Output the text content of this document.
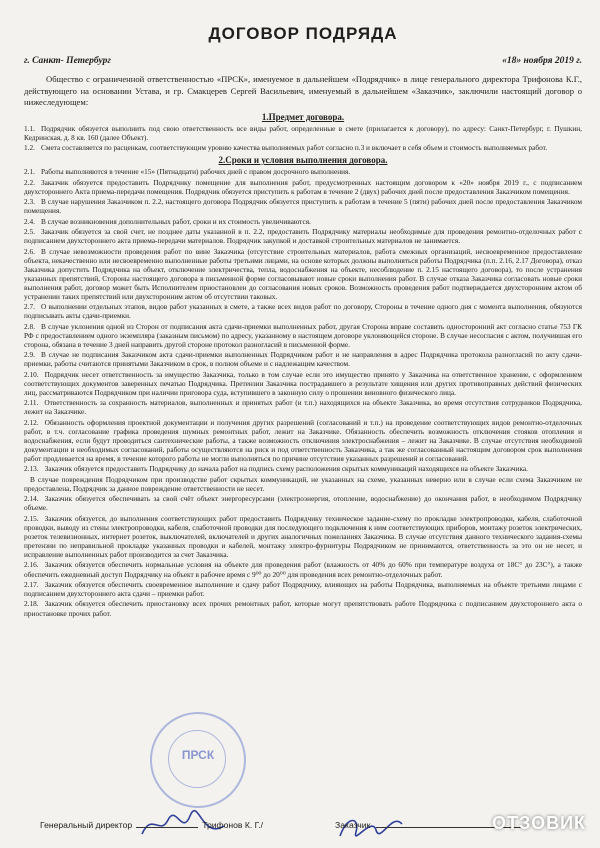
ДОГОВОР ПОДРЯДА
г. Санкт- Петербург	«18» ноября 2019 г.

Общество с ограниченной ответственностью «ПРСК», именуемое в дальнейшем «Подрядчик» в лице генерального директора Трифонова К.Г., действующего на основании Устава, и гр. Смакцерев Сергей Васильевич, именуемый в дальнейшем «Заказчик», заключили настоящий договор о нижеследующем:

1.Предмет договора.

1.1. Подрядчик обязуется выполнить под свою ответственность все виды работ, определенные в смете (прилагается к договору), по адресу: Санкт-Петербург, г. Пушкин, Кедринская, д. 8 кв. 160 (далее Объект).

1.2. Смета составляется по расценкам, соответствующим уровню качества выполняемых работ согласно п.3 и включает в себя объем и стоимость выполняемых работ.

2.Сроки и условия выполнения договора.

2.1. Работы выполняются в течение «15» (Пятнадцати) рабочих дней с правом досрочного выполнения.

2.2. Заказчик обязуется предоставить Подрядчику помещение для выполнения работ, предусмотренных настоящим договором к «20» ноября 2019 г., с подписанием двухстороннего Акта приема-передачи помещения. Подрядчик обязуется приступить к работам в течение 2 (двух) рабочих дней после предоставления Заказчиком помещения.

2.3. В случае нарушения Заказчиком п. 2.2, настоящего договора Подрядчик обязуется приступить к работам в течение 5 (пяти) рабочих дней после предоставления Заказчиком помещения.

2.4. В случае возникновения дополнительных работ, сроки и их стоимость увеличиваются.

2.5. Заказчик обязуется за свой счет, не позднее даты указанной в п. 2.2, предоставить Подрядчику материалы необходимые для проведения ремонтно-отделочных работ с подписанием двухстороннего акта приема-передачи материалов. Подрядчик закупкой и доставкой строительных материалов не занимается.

2.6. В случае невозможности проведения работ по вине Заказчика (отсутствие строительных материалов, работа смежных организаций, несвоевременное предоставление объекта, некачественно или несвоевременно выполненные работы третьими лицами, на основе которых должны выполняться работы Подрядчика (п.п. 2.16, 2.17 Договора), отказ Заказчика допустить Подрядчика на объект, отключение электричества, тепла, водоснабжения на объекте, несоблюдение п. 2.15 настоящего договора), то после устранения указанных препятствий, Стороны настоящего договора в письменной форме согласовывают новые сроки выполнения работ. В случае отказа Заказчика согласовать новые сроки выполнения работ, договор может быть Исполнителем приостановлен до согласования новых сроков. Возможность проведения работ подтверждается двухсторонним актом об устранении таких препятствий или двухсторонним актом об отсутствии таковых.

2.7. О выполнении отдельных этапов, видов работ указанных в смете, а также всех видов работ по договору, Стороны в течение одного дня с момента выполнения, обязуются подписывать акты сдачи-приемки.

2.8. В случае уклонения одной из Сторон от подписания акта сдачи-приемки выполненных работ, другая Сторона вправе составить односторонний акт согласно статье 753 ГК РФ с предоставлением одного экземпляра (заказным письмом) по адресу, указанному в настоящем договоре уклоняющейся стороне. В случае несогласия с актом, получившая его сторона, обязана в течение 3 дней направить другой стороне протокол разногласий в письменной форме.

2.9. В случае не подписания Заказчиком акта сдачи-приемки выполненных Подрядчиком работ и не направления в адрес Подрядчика протокола разногласий по акту сдачи-приемки, работы считаются принятыми Заказчиком в срок, в полном объеме и с надлежащим качеством.

2.10. Подрядчик несет ответственность за имущество Заказчика, только в том случае если это имущество принято у Заказчика на ответственное хранение, с оформлением соответствующих документов заверенных печатью Подрядчика. Претензии Заказчика пострадавшего в результате хищения или других противоправных действий физических лиц, рассматриваются Подрядчиком при наличии приговора суда, вступившего в законную силу о прошении виновного физического лица.

2.11. Ответственность за сохранность материалов, выполненных и принятых работ (и т.п.) находящихся на объекте Заказчика, во время отсутствия сотрудников Подрядчика, лежит на Заказчике.

2.12. Обязанность оформления проектной документации и получения других разрешений (согласований и т.п.) на проведение соответствующих видов ремонтно-отделочных работ, в т.ч. согласование графика проведения шумных ремонтных работ, лежит на Заказчике. Обязанность обеспечить возможность отключения стояков отопления и водоснабжения, если будут проводиться сантехнические работы, а также возможность отключения электроснабжения – лежит на Заказчике. В случае отсутствия необходимой документации и необходимых согласований, работы осуществляются на риск и под ответственность Заказчика, а так же согласованный настоящим договором срок выполнения работ продлевается на время, в течение которого работы не могли выполняться по причине отсутствия указанных разрешений и согласований.

2.13. Заказчик обязуется предоставить Подрядчику до начала работ на подпись схему расположения скрытых коммуникаций находящихся на объекте Заказчика.

В случае повреждения Подрядчиком при производстве работ скрытых коммуникаций, не указанных на схеме, указанных неверно или в случае если схема Заказчиком не предоставлена, Подрядчик за данное повреждение ответственности не несет.

2.14. Заказчик обязуется обеспечивать за свой счёт объект энергоресурсами (электроэнергия, отопление, водоснабжение) до окончания работ, в необходимом Подрядчику объеме.

2.15. Заказчик обязуется, до выполнения соответствующих работ предоставить Подрядчику техническое задание-схему по прокладке электропроводки, кабеля, слаботочной проводки, выводу из стены электропроводки, кабеля, слаботочной проводки для последующего подключения к ним соответствующих приборов, монтажу розеток электрических, розеток телевизионных, интернет розеток, выключателей, включателей и других аналогичных пожеланиях Заказчика. В случае отсутствия данного технического задания-схемы претензии по неправильной прокладке указанных проводки и кабелей, монтажу электро-фурнитуры Подрядчиком не принимаются, ответственность за это он не несет, и исправление выполненных работ производится за счет Заказчика.

2.16. Заказчик обязуется обеспечить нормальные условия на объекте для проведения работ (влажность от 40% до 60% при температуре воздуха от 18С° до 23С°), а также обеспечить ежедневный доступ Подрядчику на объект в рабочее время с 9⁰⁰ до 20⁰⁰ для проведения всех ремонтно-отделочных работ.

2.17. Заказчик обязуется обеспечить своевременное выполнение и сдачу работ Подрядчику, влияющих на работы Подрядчика, выполняемых на объекте третьими лицами с подписанием двухстороннего акта сдачи – приемки работ.

2.18. Заказчик обязуется обеспечить приостановку всех прочих ремонтных работ, которые могут препятствовать работе Подрядчика с подписанием двухстороннего акта о приостановке прочих работ.

ПРСК
Генеральный директор	Трифонов К. Г./	Заказчик	ОТЗОВИК
